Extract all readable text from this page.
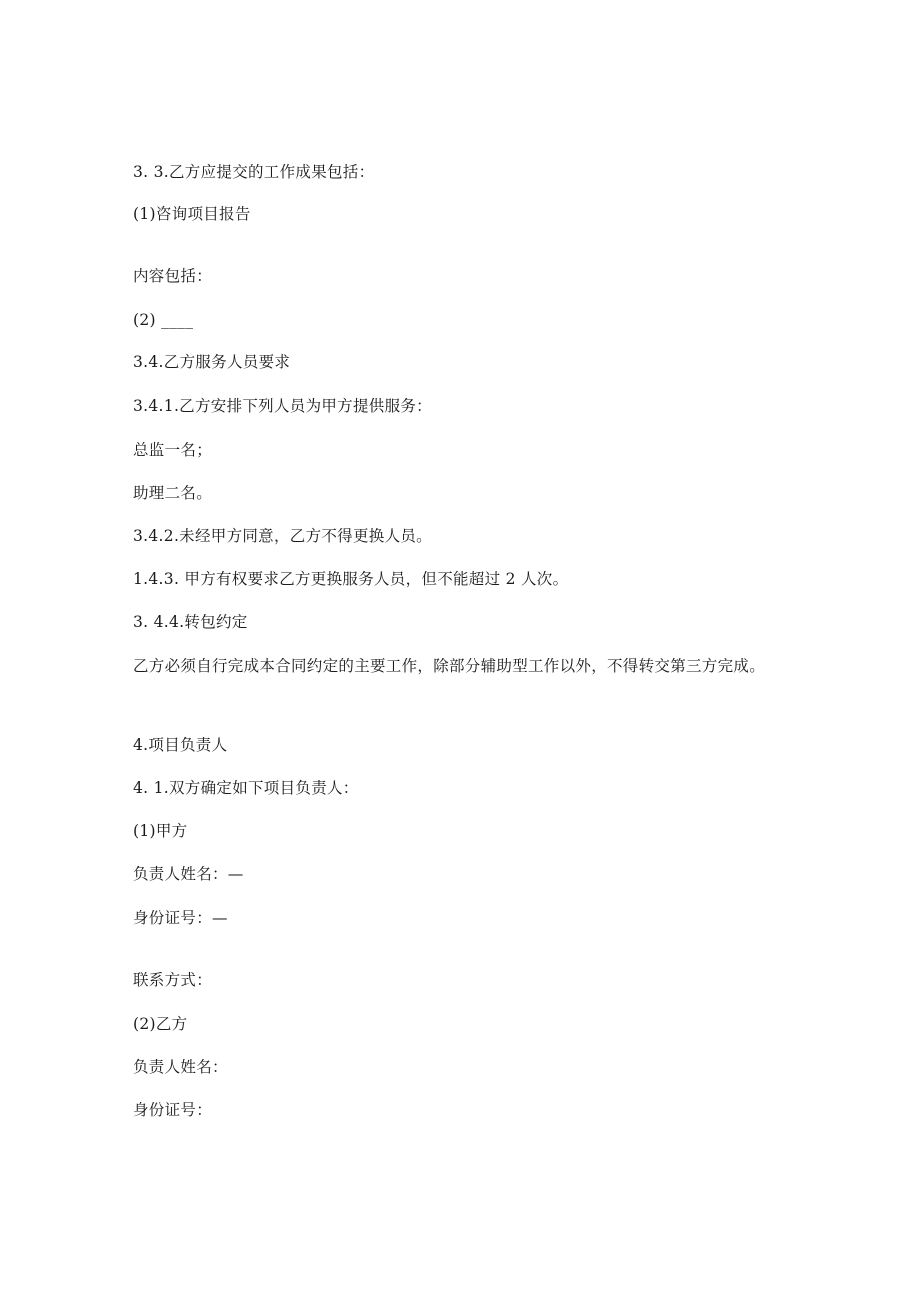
3. 3.乙方应提交的工作成果包括：
(1)咨询项目报告
内容包括：
(2) ____
3.4.乙方服务人员要求
3.4.1.乙方安排下列人员为甲方提供服务：
总监一名；
助理二名。
3.4.2.未经甲方同意，乙方不得更换人员。
1.4.3. 甲方有权要求乙方更换服务人员，但不能超过 2 人次。
3. 4.4.转包约定
乙方必须自行完成本合同约定的主要工作，除部分辅助型工作以外，不得转交第三方完成。
4.项目负责人
4. 1.双方确定如下项目负责人：
(1)甲方
负责人姓名：—
身份证号：—
联系方式：
(2)乙方
负责人姓名：
身份证号：
